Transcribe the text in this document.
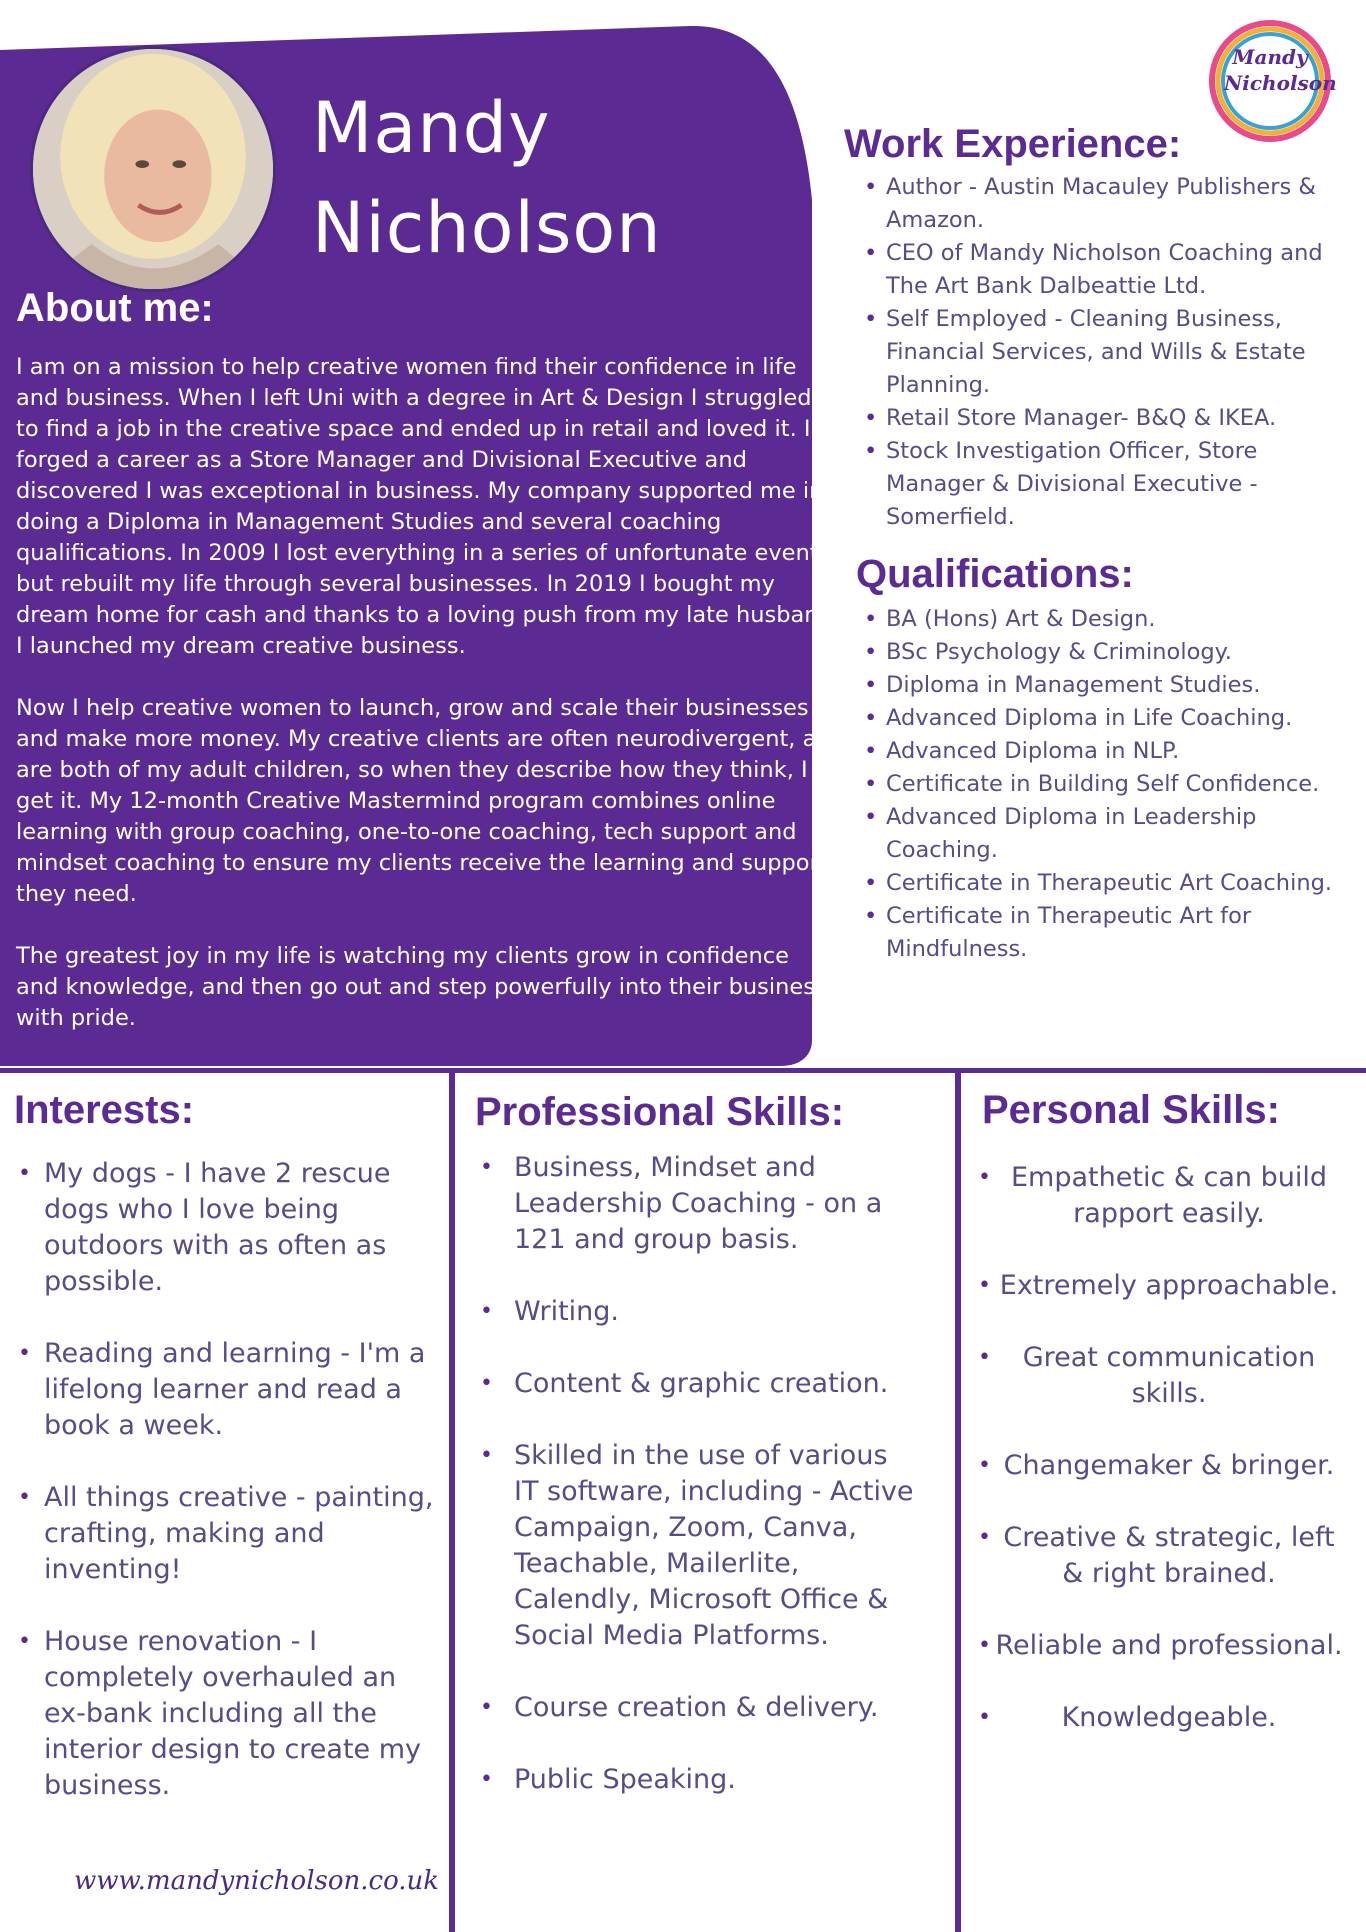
Mandy
Nicholson
Mandy
Nicholson
About me:

I am on a mission to help creative women find their confidence in life and business. When I left Uni with a degree in Art & Design I struggled to find a job in the creative space and ended up in retail and loved it. I forged a career as a Store Manager and Divisional Executive and discovered I was exceptional in business. My company supported me in doing a Diploma in Management Studies and several coaching qualifications. In 2009 I lost everything in a series of unfortunate events but rebuilt my life through several businesses. In 2019 I bought my dream home for cash and thanks to a loving push from my late husband I launched my dream creative business.

Now I help creative women to launch, grow and scale their businesses and make more money. My creative clients are often neurodivergent, as are both of my adult children, so when they describe how they think, I get it. My 12-month Creative Mastermind program combines online learning with group coaching, one-to-one coaching, tech support and mindset coaching to ensure my clients receive the learning and support they need.

The greatest joy in my life is watching my clients grow in confidence and knowledge, and then go out and step powerfully into their business with pride.

Work Experience:
• Author - Austin Macauley Publishers & Amazon.
• CEO of Mandy Nicholson Coaching and The Art Bank Dalbeattie Ltd.
• Self Employed - Cleaning Business, Financial Services, and Wills & Estate Planning.
• Retail Store Manager- B&Q & IKEA.
• Stock Investigation Officer, Store Manager & Divisional Executive - Somerfield.
Qualifications:
• BA (Hons) Art & Design.
• BSc Psychology & Criminology.
• Diploma in Management Studies.
• Advanced Diploma in Life Coaching.
• Advanced Diploma in NLP.
• Certificate in Building Self Confidence.
• Advanced Diploma in Leadership Coaching.
• Certificate in Therapeutic Art Coaching.
• Certificate in Therapeutic Art for Mindfulness.
Interests:
• My dogs - I have 2 rescue dogs who I love being outdoors with as often as possible.
• Reading and learning - I'm a lifelong learner and read a book a week.
• All things creative - painting, crafting, making and inventing!
• House renovation - I completely overhauled an ex-bank including all the interior design to create my business.
www.mandynicholson.co.uk
Professional Skills:
• Business, Mindset and Leadership Coaching - on a 121 and group basis.
• Writing.
• Content & graphic creation.
• Skilled in the use of various IT software, including - Active Campaign, Zoom, Canva, Teachable, Mailerlite, Calendly, Microsoft Office & Social Media Platforms.
• Course creation & delivery.
• Public Speaking.
Personal Skills:
• Empathetic & can build rapport easily.
• Extremely approachable.
• Great communication skills.
• Changemaker & bringer.
• Creative & strategic, left & right brained.
• Reliable and professional.
• Knowledgeable.
